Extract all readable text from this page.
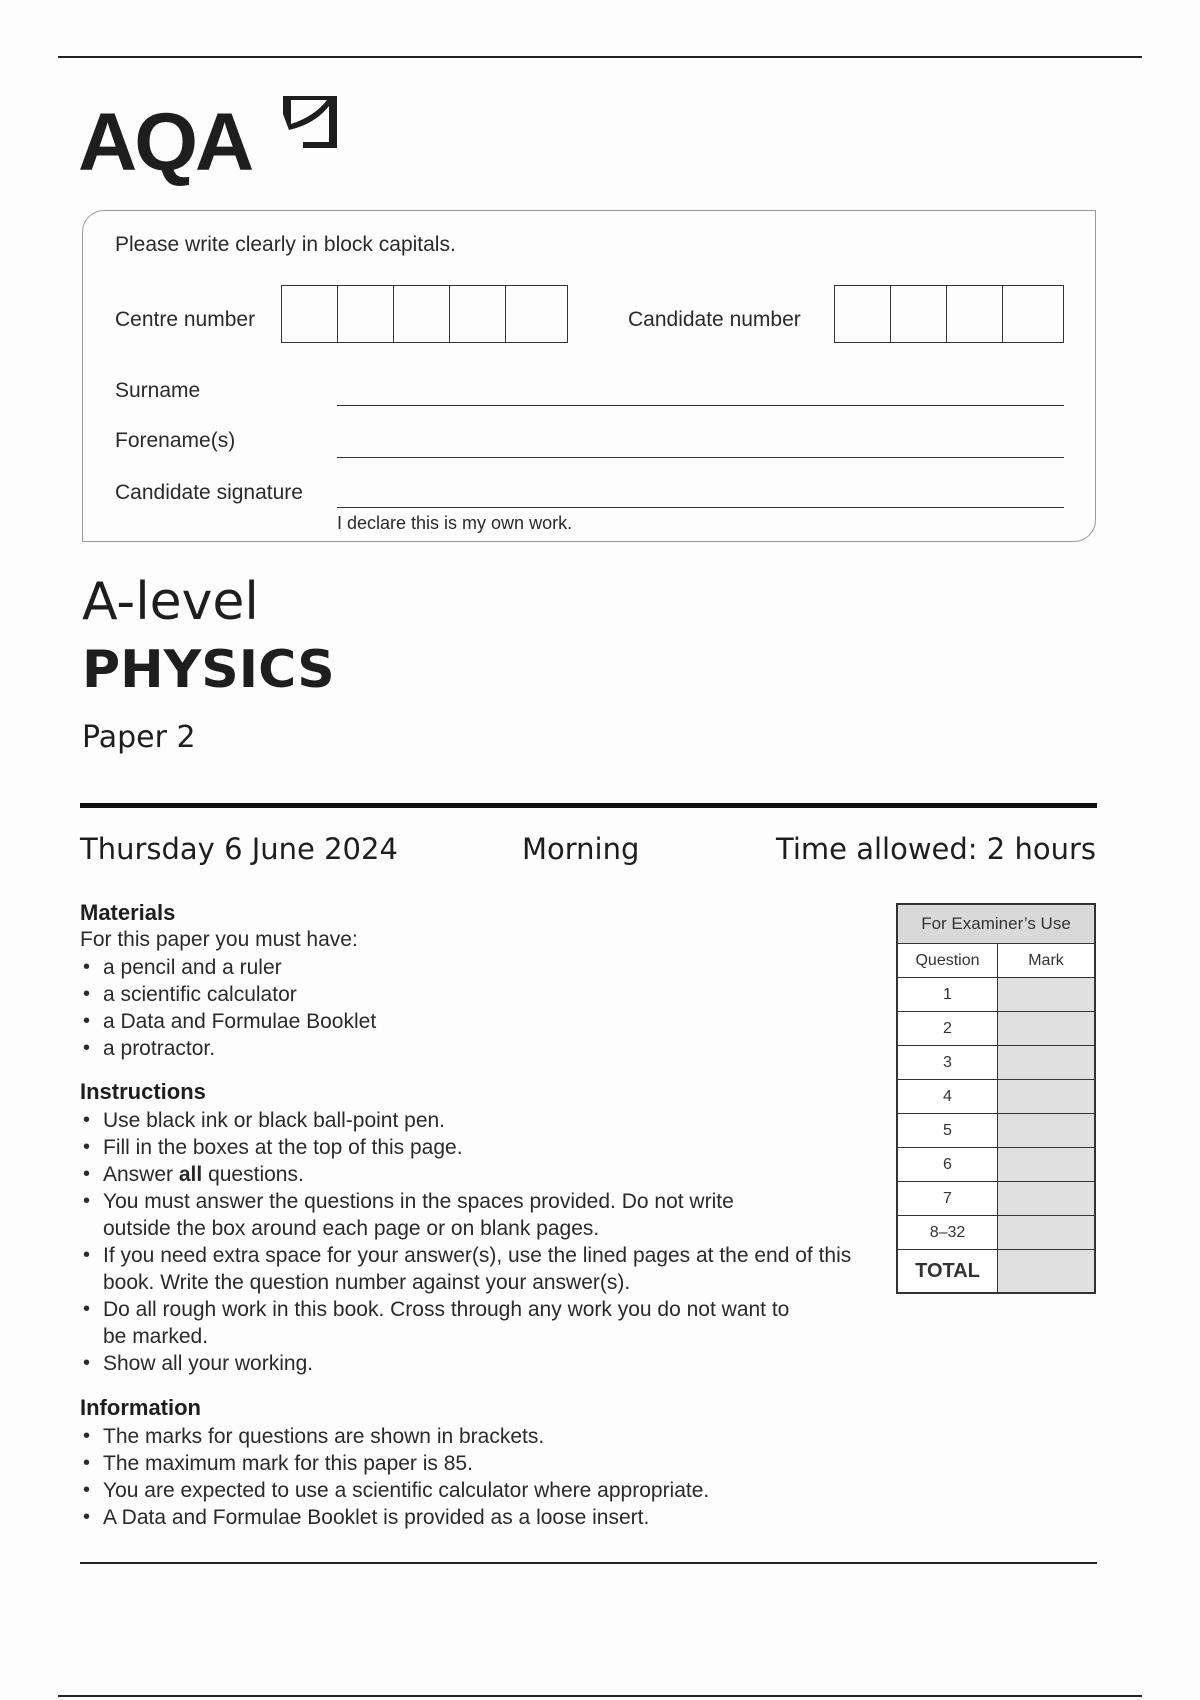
AQA
Please write clearly in block capitals.
Centre number	Candidate number
Surname
Forename(s)
Candidate signature
I declare this is my own work.
A-level
PHYSICS
Paper 2
Thursday 6 June 2024	Morning	Time allowed: 2 hours
Materials
For this paper you must have:
• a pencil and a ruler
• a scientific calculator
• a Data and Formulae Booklet
• a protractor.
Instructions
• Use black ink or black ball-point pen.
• Fill in the boxes at the top of this page.
• Answer all questions.
• You must answer the questions in the spaces provided. Do not write outside the box around each page or on blank pages.
• If you need extra space for your answer(s), use the lined pages at the end of this book. Write the question number against your answer(s).
• Do all rough work in this book. Cross through any work you do not want to be marked.
• Show all your working.
Information
• The marks for questions are shown in brackets.
• The maximum mark for this paper is 85.
• You are expected to use a scientific calculator where appropriate.
• A Data and Formulae Booklet is provided as a loose insert.
For Examiner’s Use
Question	Mark
1
2
3
4
5
6
7
8–32
TOTAL
